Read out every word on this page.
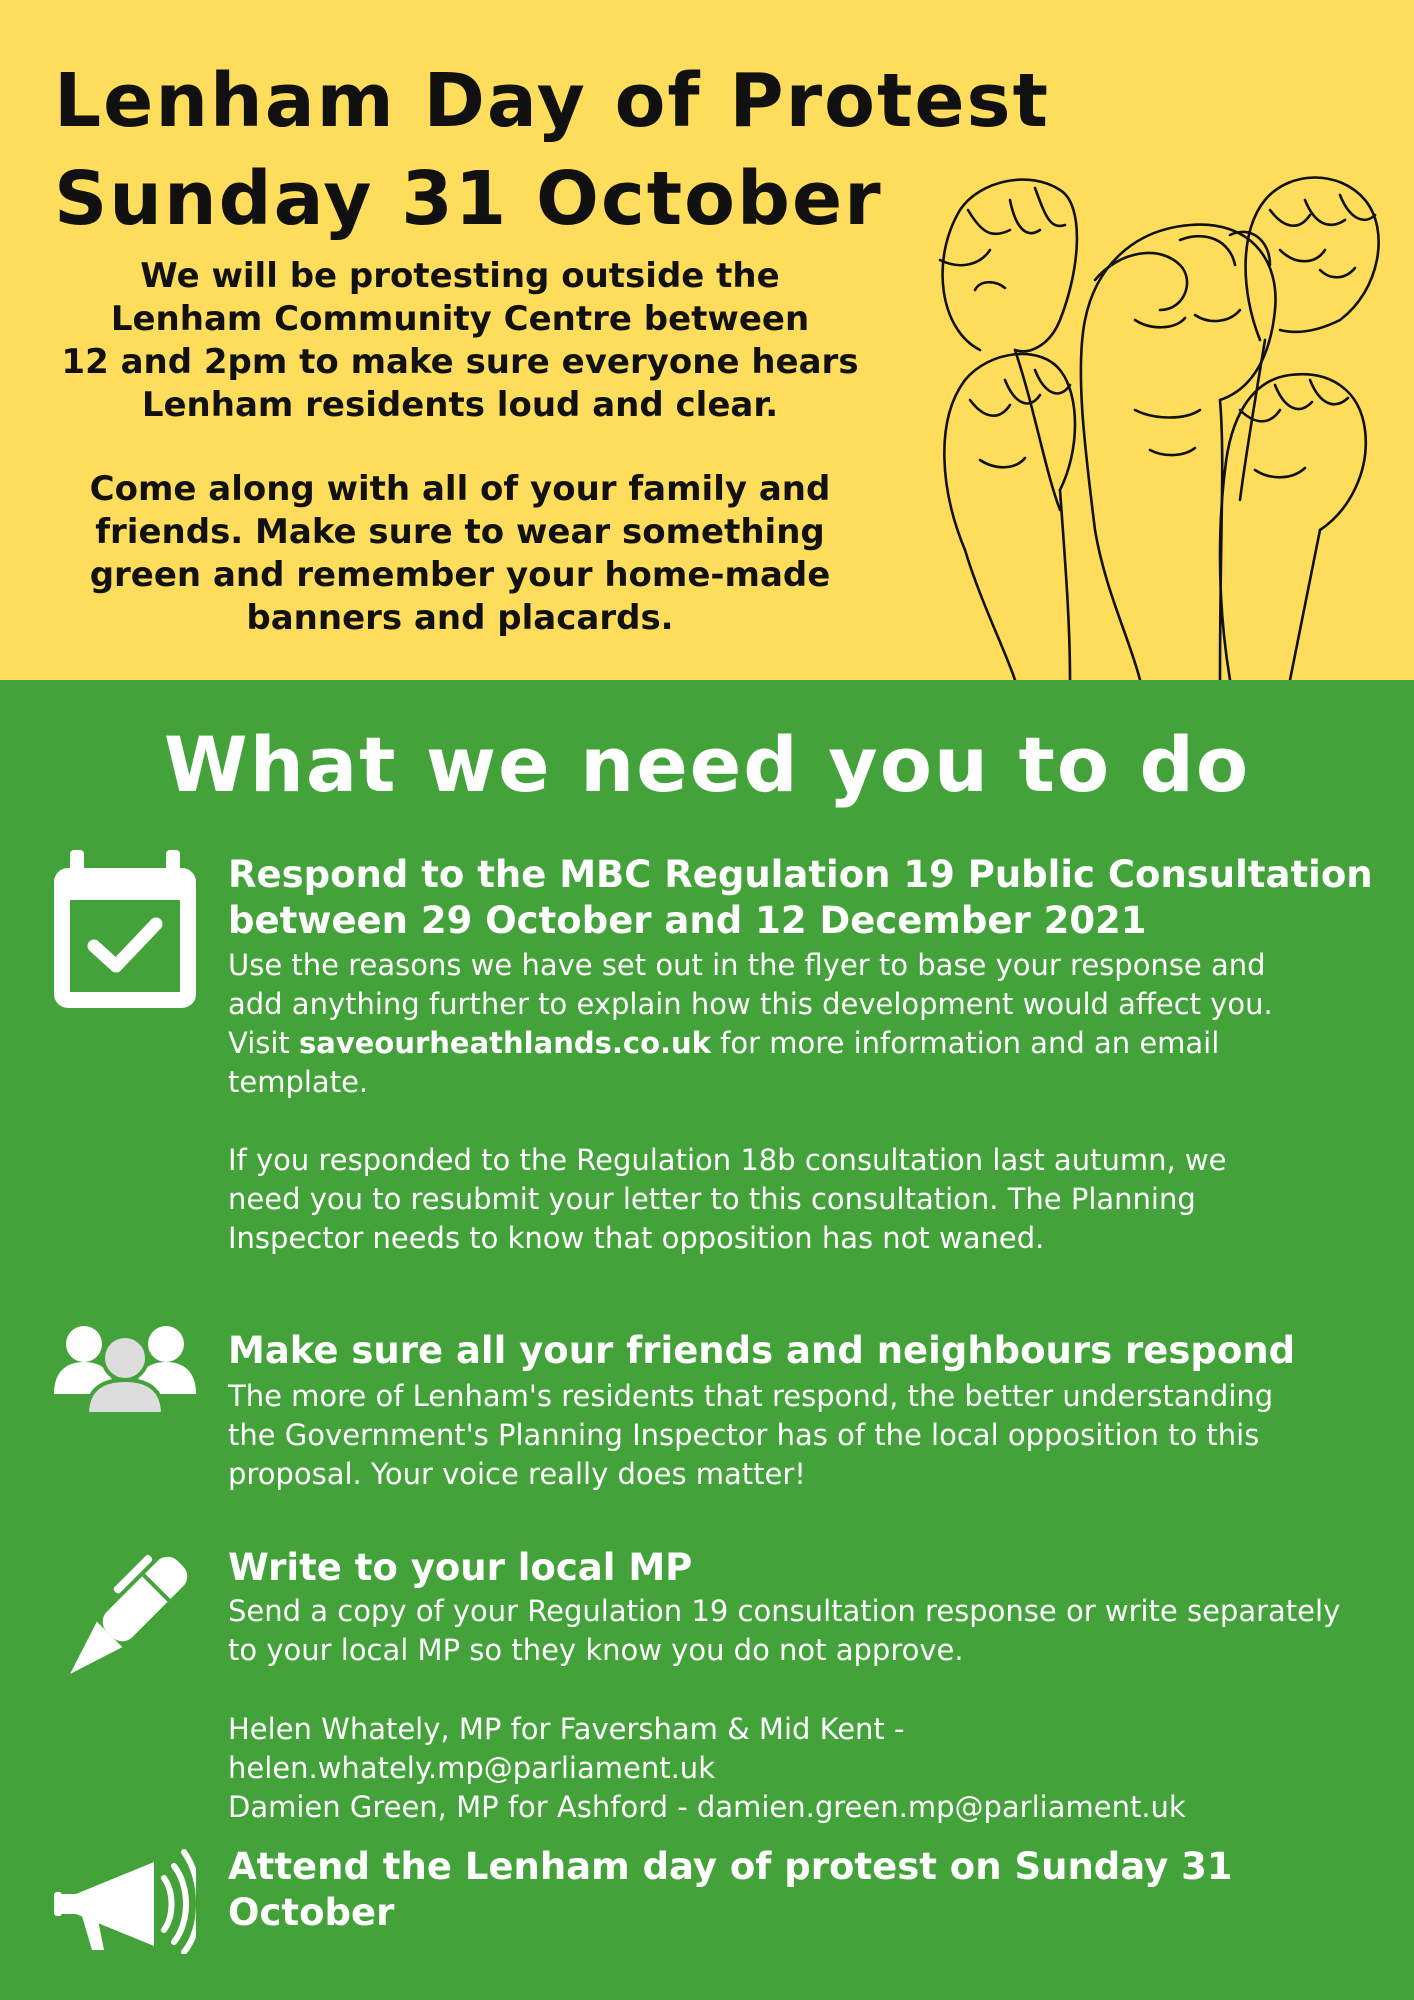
Lenham Day of Protest
Sunday 31 October

We will be protesting outside the
Lenham Community Centre between
12 and 2pm to make sure everyone hears
Lenham residents loud and clear.

Come along with all of your family and
friends. Make sure to wear something
green and remember your home-made
banners and placards.

What we need you to do
Respond to the MBC Regulation 19 Public Consultation
between 29 October and 12 December 2021

Use the reasons we have set out in the flyer to base your response and
add anything further to explain how this development would affect you.
Visit saveourheathlands.co.uk for more information and an email
template.

If you responded to the Regulation 18b consultation last autumn, we
need you to resubmit your letter to this consultation. The Planning
Inspector needs to know that opposition has not waned.

Make sure all your friends and neighbours respond

The more of Lenham's residents that respond, the better understanding
the Government's Planning Inspector has of the local opposition to this
proposal. Your voice really does matter!

Write to your local MP

Send a copy of your Regulation 19 consultation response or write separately
to your local MP so they know you do not approve.

Helen Whately, MP for Faversham & Mid Kent - helen.whately.mp@parliament.uk
Damien Green, MP for Ashford - damien.green.mp@parliament.uk

Attend the Lenham day of protest on Sunday 31 October
